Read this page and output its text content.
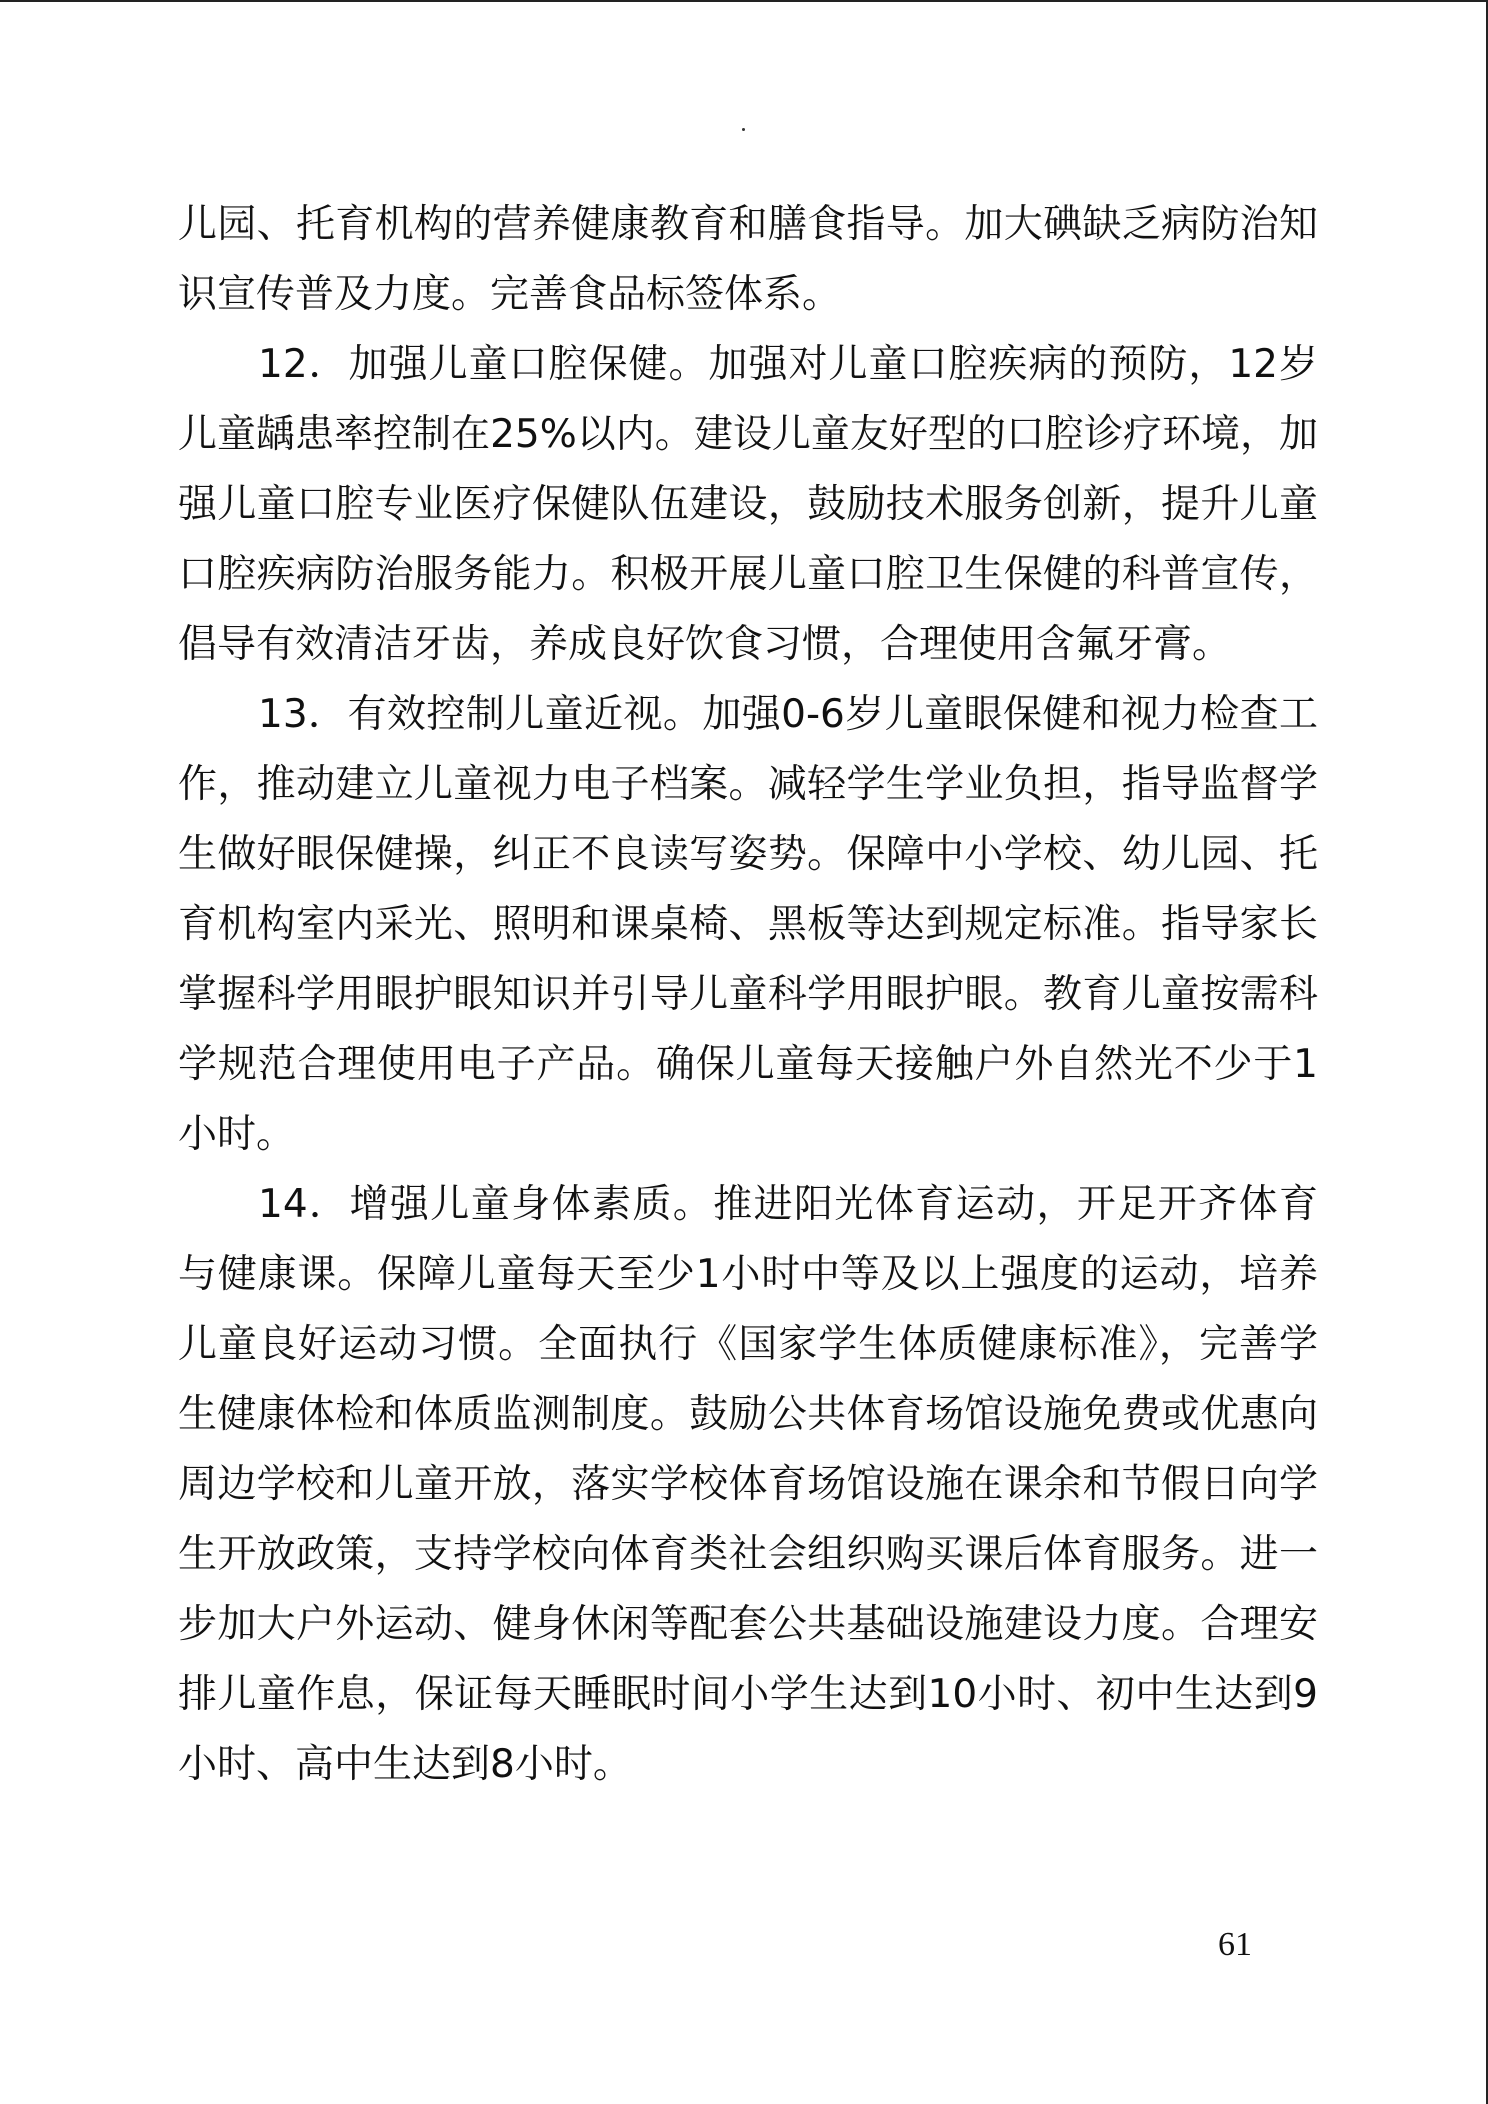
儿园、托育机构的营养健康教育和膳食指导。加大碘缺乏病防治知识宣传普及力度。完善食品标签体系。

12．加强儿童口腔保健。加强对儿童口腔疾病的预防，12岁儿童龋患率控制在25%以内。建设儿童友好型的口腔诊疗环境，加强儿童口腔专业医疗保健队伍建设，鼓励技术服务创新，提升儿童口腔疾病防治服务能力。积极开展儿童口腔卫生保健的科普宣传，倡导有效清洁牙齿，养成良好饮食习惯，合理使用含氟牙膏。

13．有效控制儿童近视。加强0-6岁儿童眼保健和视力检查工作，推动建立儿童视力电子档案。减轻学生学业负担，指导监督学生做好眼保健操，纠正不良读写姿势。保障中小学校、幼儿园、托育机构室内采光、照明和课桌椅、黑板等达到规定标准。指导家长掌握科学用眼护眼知识并引导儿童科学用眼护眼。教育儿童按需科学规范合理使用电子产品。确保儿童每天接触户外自然光不少于1小时。

14．增强儿童身体素质。推进阳光体育运动，开足开齐体育与健康课。保障儿童每天至少1小时中等及以上强度的运动，培养儿童良好运动习惯。全面执行《国家学生体质健康标准》，完善学生健康体检和体质监测制度。鼓励公共体育场馆设施免费或优惠向周边学校和儿童开放，落实学校体育场馆设施在课余和节假日向学生开放政策，支持学校向体育类社会组织购买课后体育服务。进一步加大户外运动、健身休闲等配套公共基础设施建设力度。合理安排儿童作息，保证每天睡眠时间小学生达到10小时、初中生达到9小时、高中生达到8小时。

61
